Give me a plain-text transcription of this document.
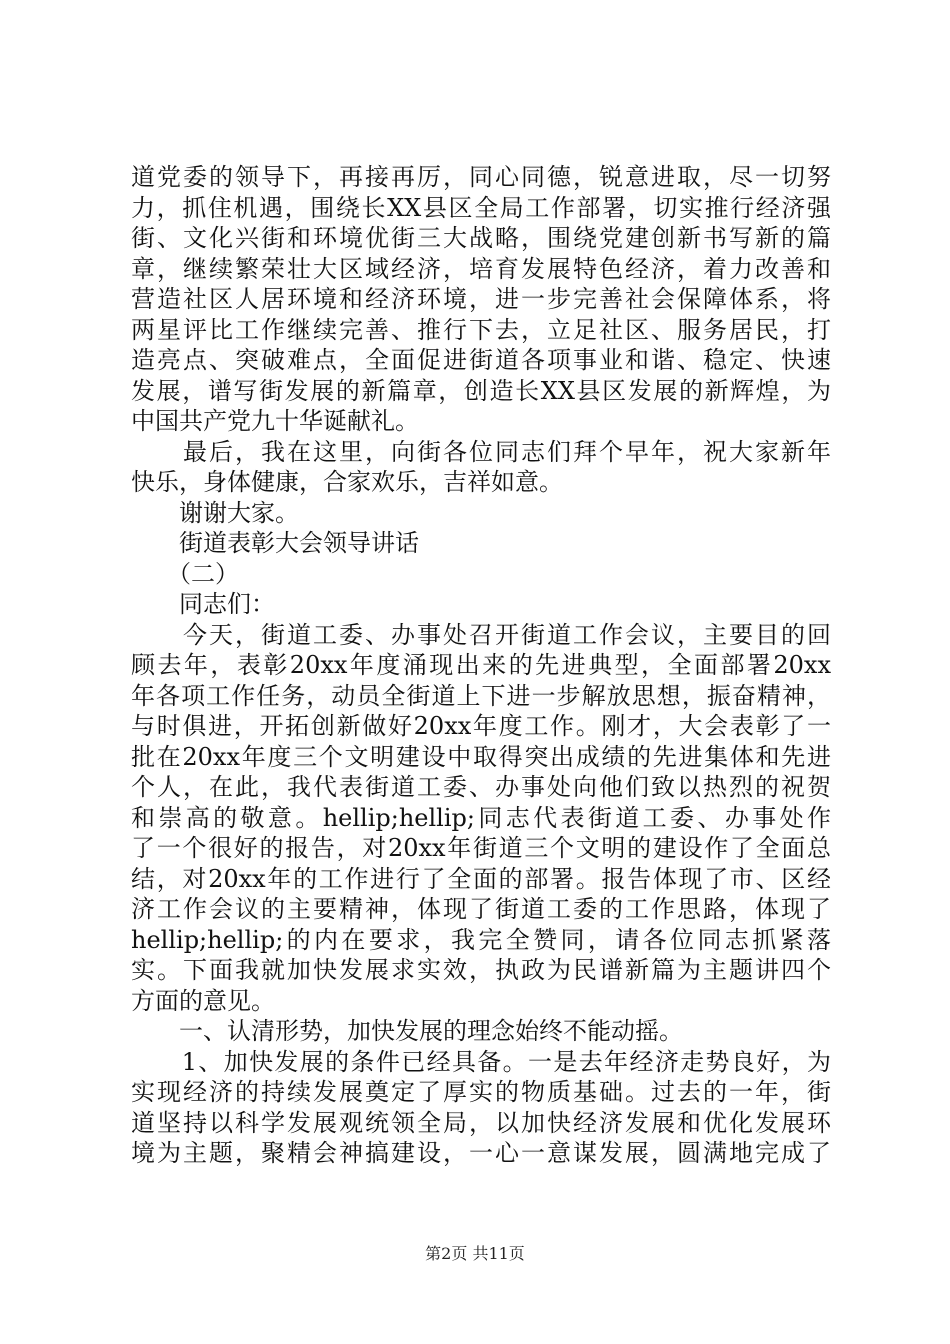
道党委的领导下，再接再厉，同心同德，锐意进取，尽一切努
力，抓住机遇，围绕长XX县区全局工作部署，切实推行经济强
街、文化兴街和环境优街三大战略，围绕党建创新书写新的篇
章，继续繁荣壮大区域经济，培育发展特色经济，着力改善和
营造社区人居环境和经济环境，进一步完善社会保障体系，将
两星评比工作继续完善、推行下去，立足社区、服务居民，打
造亮点、突破难点，全面促进街道各项事业和谐、稳定、快速
发展，谱写街发展的新篇章，创造长XX县区发展的新辉煌，为
中国共产党九十华诞献礼。
　　最后，我在这里，向街各位同志们拜个早年，祝大家新年
快乐，身体健康，合家欢乐，吉祥如意。
　　谢谢大家。
　　街道表彰大会领导讲话
　　（二）
　　同志们：
　　今天，街道工委、办事处召开街道工作会议，主要目的回
顾去年，表彰20xx年度涌现出来的先进典型，全面部署20xx
年各项工作任务，动员全街道上下进一步解放思想，振奋精神，
与时俱进，开拓创新做好20xx年度工作。刚才，大会表彰了一
批在20xx年度三个文明建设中取得突出成绩的先进集体和先进
个人，在此，我代表街道工委、办事处向他们致以热烈的祝贺
和崇高的敬意。hellip;hellip;同志代表街道工委、办事处作
了一个很好的报告，对20xx年街道三个文明的建设作了全面总
结，对20xx年的工作进行了全面的部署。报告体现了市、区经
济工作会议的主要精神，体现了街道工委的工作思路，体现了
hellip;hellip;的内在要求，我完全赞同，请各位同志抓紧落
实。下面我就加快发展求实效，执政为民谱新篇为主题讲四个
方面的意见。
　　一、认清形势，加快发展的理念始终不能动摇。
　　1、加快发展的条件已经具备。一是去年经济走势良好，为
实现经济的持续发展奠定了厚实的物质基础。过去的一年，街
道坚持以科学发展观统领全局，以加快经济发展和优化发展环
境为主题，聚精会神搞建设，一心一意谋发展，圆满地完成了
第2页 共11页
